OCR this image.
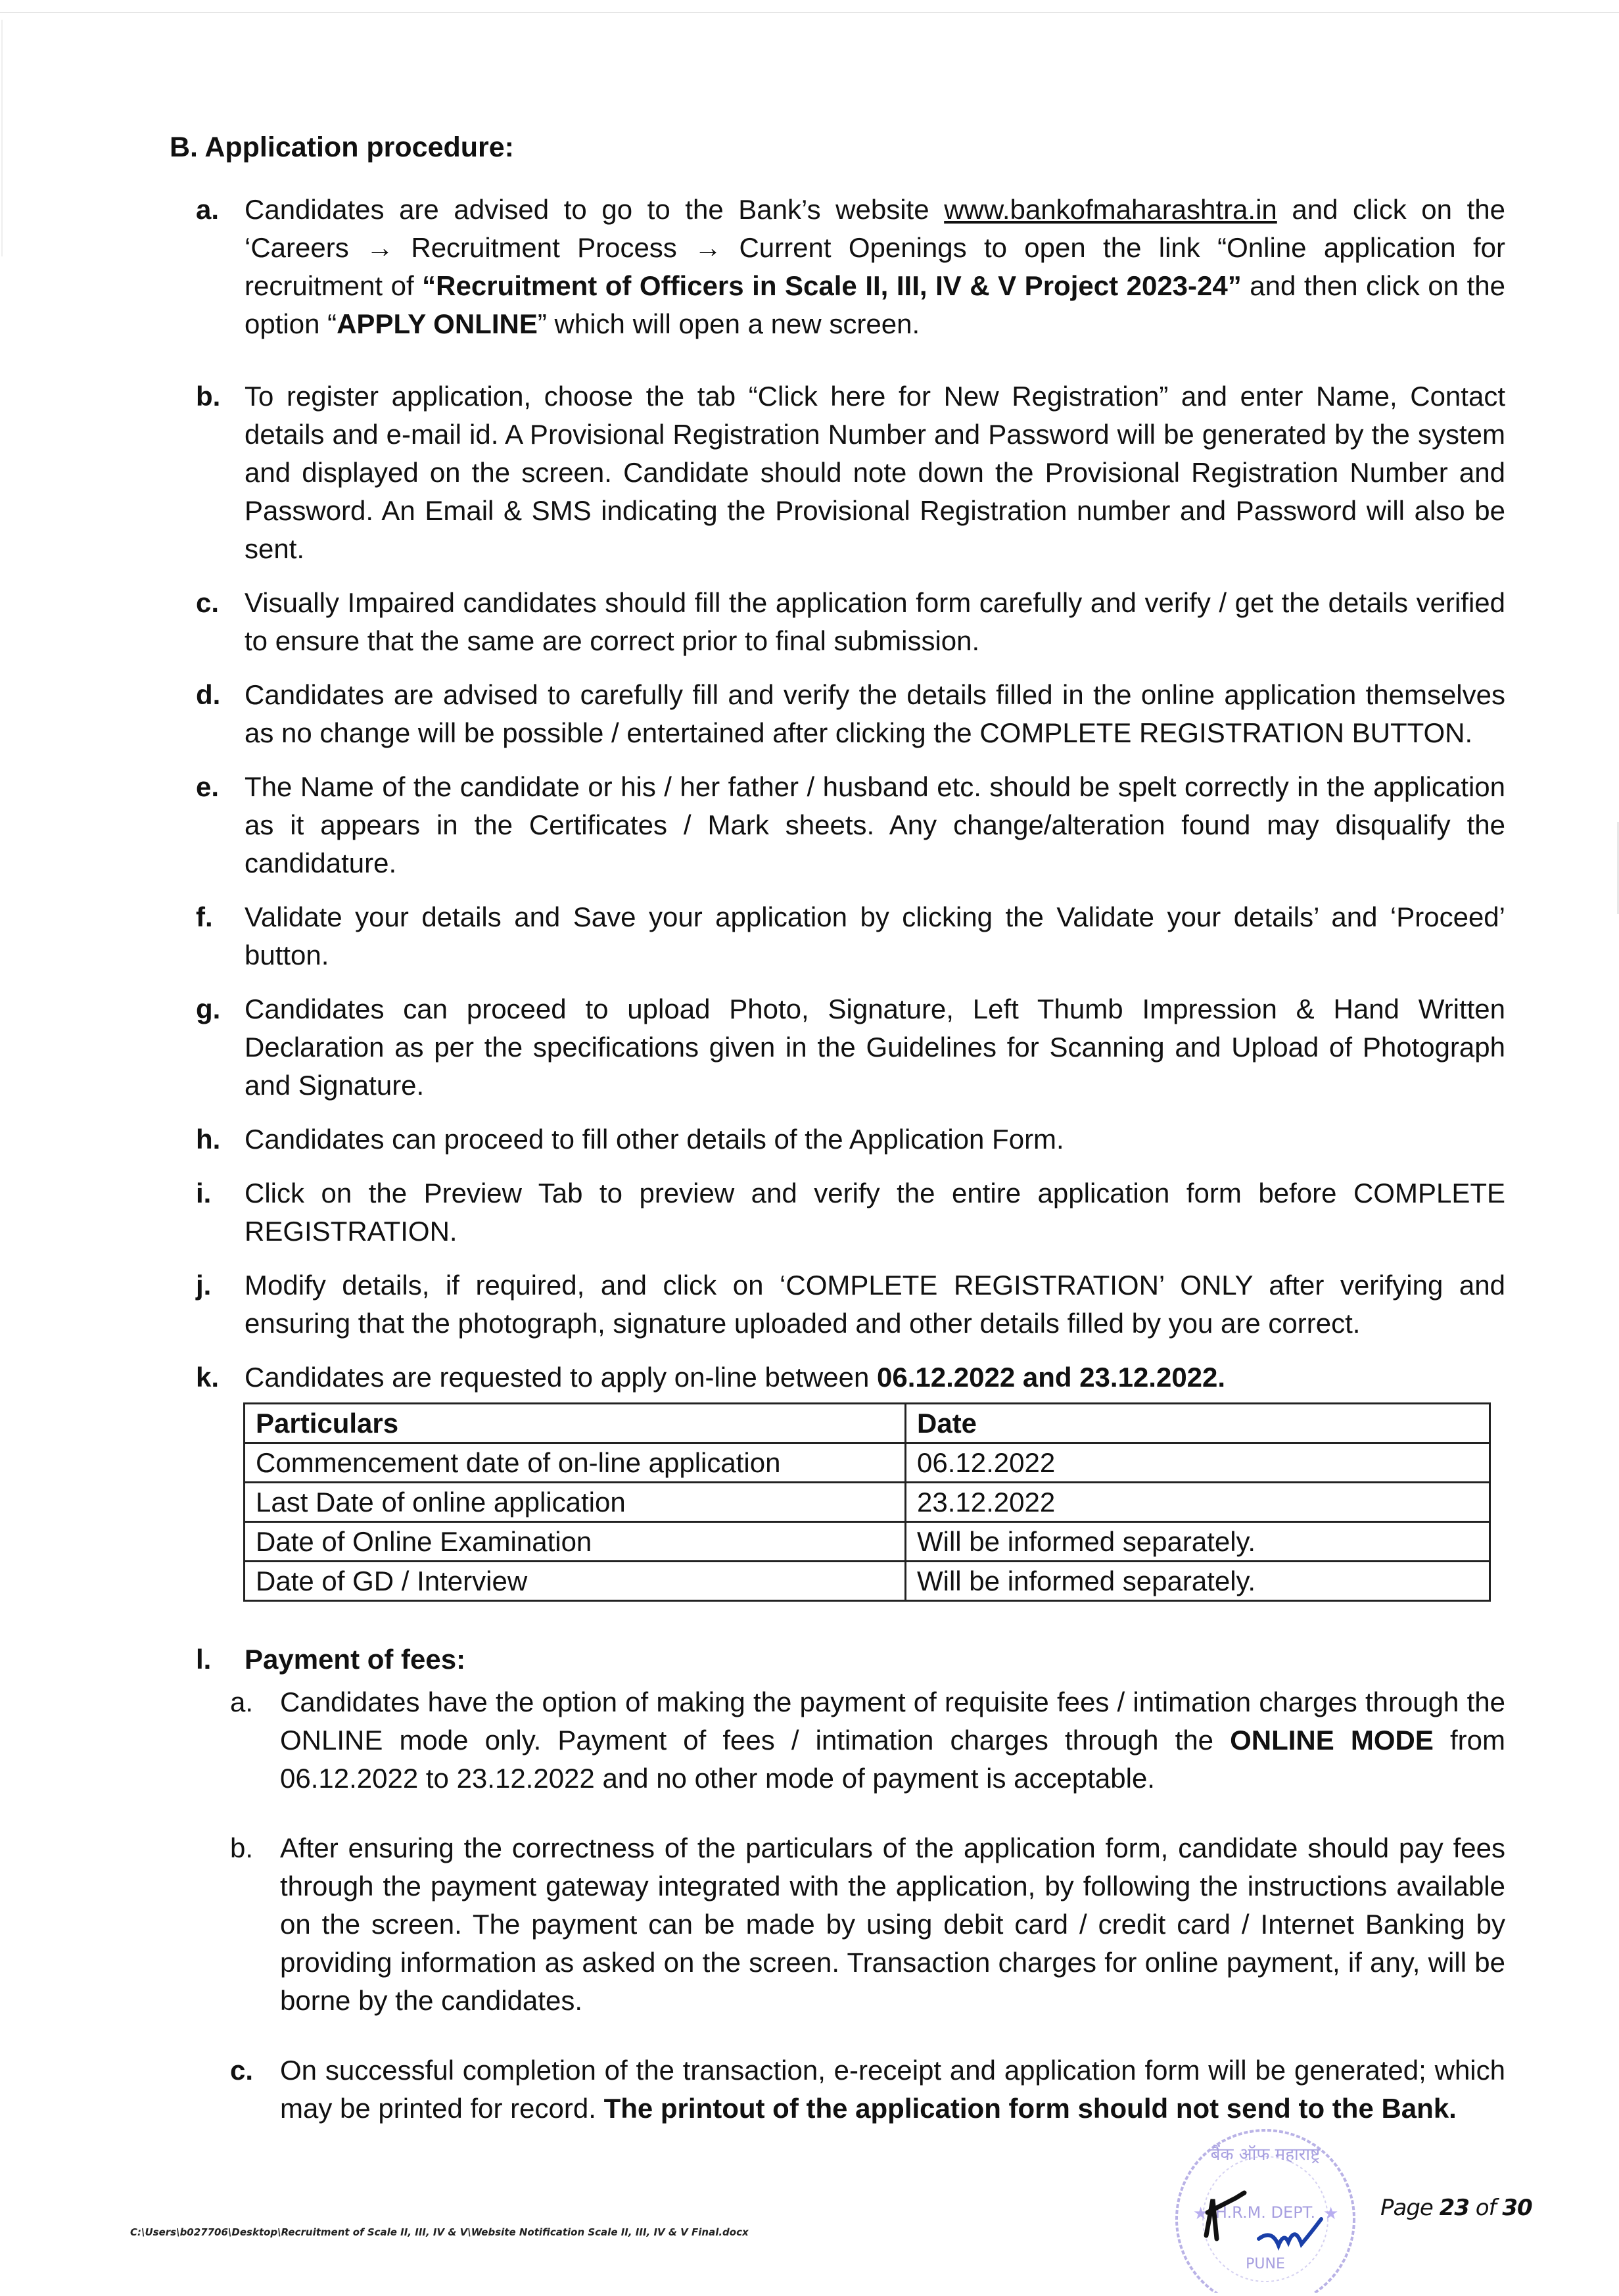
B. Application procedure:
a. Candidates are advised to go to the Bank’s website www.bankofmaharashtra.in and click on the ‘Careers → Recruitment Process → Current Openings to open the link “Online application for recruitment of “Recruitment of Officers in Scale II, III, IV & V Project 2023-24” and then click on the option “APPLY ONLINE” which will open a new screen.
b. To register application, choose the tab “Click here for New Registration” and enter Name, Contact details and e-mail id. A Provisional Registration Number and Password will be generated by the system and displayed on the screen. Candidate should note down the Provisional Registration Number and Password. An Email & SMS indicating the Provisional Registration number and Password will also be sent.
c. Visually Impaired candidates should fill the application form carefully and verify / get the details verified to ensure that the same are correct prior to final submission.
d. Candidates are advised to carefully fill and verify the details filled in the online application themselves as no change will be possible / entertained after clicking the COMPLETE REGISTRATION BUTTON.
e. The Name of the candidate or his / her father / husband etc. should be spelt correctly in the application as it appears in the Certificates / Mark sheets. Any change/alteration found may disqualify the candidature.
f. Validate your details and Save your application by clicking the Validate your details’ and ‘Proceed’ button.
g. Candidates can proceed to upload Photo, Signature, Left Thumb Impression & Hand Written Declaration as per the specifications given in the Guidelines for Scanning and Upload of Photograph and Signature.
h. Candidates can proceed to fill other details of the Application Form.
i. Click on the Preview Tab to preview and verify the entire application form before COMPLETE REGISTRATION.
j. Modify details, if required, and click on ‘COMPLETE REGISTRATION’ ONLY after verifying and ensuring that the photograph, signature uploaded and other details filled by you are correct.
k. Candidates are requested to apply on-line between 06.12.2022 and 23.12.2022.
Particulars	Date
Commencement date of on-line application	06.12.2022
Last Date of online application	23.12.2022
Date of Online Examination	Will be informed separately.
Date of GD / Interview	Will be informed separately.
l. Payment of fees:
a. Candidates have the option of making the payment of requisite fees / intimation charges through the ONLINE mode only. Payment of fees / intimation charges through the ONLINE MODE from 06.12.2022 to 23.12.2022 and no other mode of payment is acceptable.
b. After ensuring the correctness of the particulars of the application form, candidate should pay fees through the payment gateway integrated with the application, by following the instructions available on the screen. The payment can be made by using debit card / credit card / Internet Banking by providing information as asked on the screen. Transaction charges for online payment, if any, will be borne by the candidates.
c. On successful completion of the transaction, e-receipt and application form will be generated; which may be printed for record. The printout of the application form should not send to the Bank.
बैंक ऑफ महाराष्ट्र
H.R.M. DEPT.
PUNE
★	★ Page 23 of 30
C:\Users\b027706\Desktop\Recruitment of Scale II, III, IV & V\Website Notification Scale II, III, IV & V Final.docx
